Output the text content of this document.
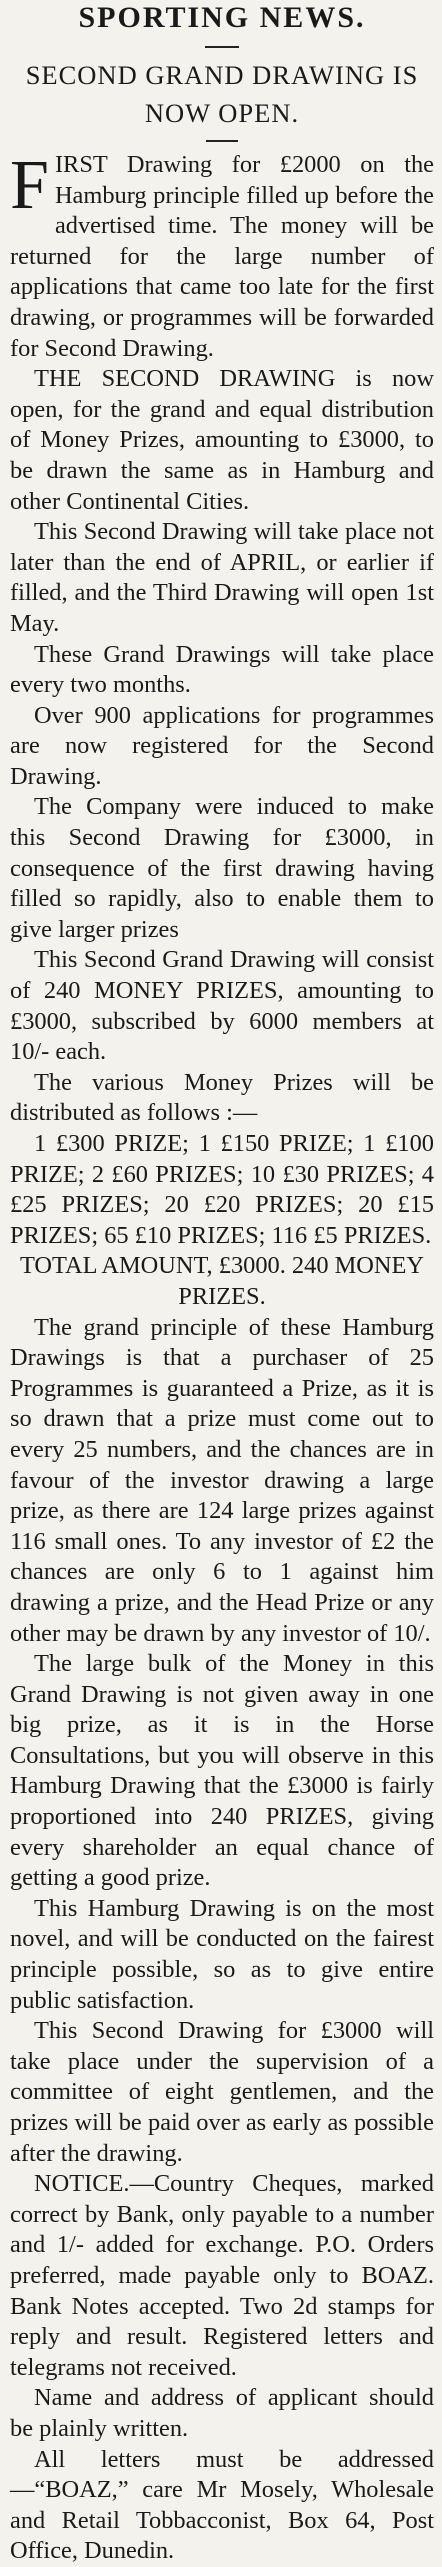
SPORTING NEWS.
SECOND GRAND DRAWING IS NOW OPEN.

FIRST Drawing for £2000 on the Hamburg principle filled up before the advertised time. The money will be returned for the large number of applications that came too late for the first drawing, or programmes will be forwarded for Second Drawing.

THE SECOND DRAWING is now open, for the grand and equal distribution of Money Prizes, amounting to £3000, to be drawn the same as in Hamburg and other Continental Cities.

This Second Drawing will take place not later than the end of APRIL, or earlier if filled, and the Third Drawing will open 1st May.

These Grand Drawings will take place every two months.

Over 900 applications for programmes are now registered for the Second Drawing.

The Company were induced to make this Second Drawing for £3000, in consequence of the first drawing having filled so rapidly, also to enable them to give larger prizes

This Second Grand Drawing will consist of 240 MONEY PRIZES, amounting to £3000, subscribed by 6000 members at 10/- each.

The various Money Prizes will be distributed as follows :—

1 £300 PRIZE; 1 £150 PRIZE; 1 £100 PRIZE; 2 £60 PRIZES; 10 £30 PRIZES; 4 £25 PRIZES; 20 £20 PRIZES; 20 £15 PRIZES; 65 £10 PRIZES; 116 £5 PRIZES.

TOTAL AMOUNT, £3000. 240 MONEY PRIZES.

The grand principle of these Hamburg Drawings is that a purchaser of 25 Programmes is guaranteed a Prize, as it is so drawn that a prize must come out to every 25 numbers, and the chances are in favour of the investor drawing a large prize, as there are 124 large prizes against 116 small ones. To any investor of £2 the chances are only 6 to 1 against him drawing a prize, and the Head Prize or any other may be drawn by any investor of 10/.

The large bulk of the Money in this Grand Drawing is not given away in one big prize, as it is in the Horse Consultations, but you will observe in this Hamburg Drawing that the £3000 is fairly proportioned into 240 PRIZES, giving every shareholder an equal chance of getting a good prize.

This Hamburg Drawing is on the most novel, and will be conducted on the fairest principle possible, so as to give entire public satisfaction.

This Second Drawing for £3000 will take place under the supervision of a committee of eight gentlemen, and the prizes will be paid over as early as possible after the drawing.

NOTICE.—Country Cheques, marked correct by Bank, only payable to a number and 1/- added for exchange. P.O. Orders preferred, made payable only to BOAZ. Bank Notes accepted. Two 2d stamps for reply and result. Registered letters and telegrams not received.

Name and address of applicant should be plainly written.

All letters must be addressed—“BOAZ,” care Mr Mosely, Wholesale and Retail Tobbacconist, Box 64, Post Office, Dunedin.
